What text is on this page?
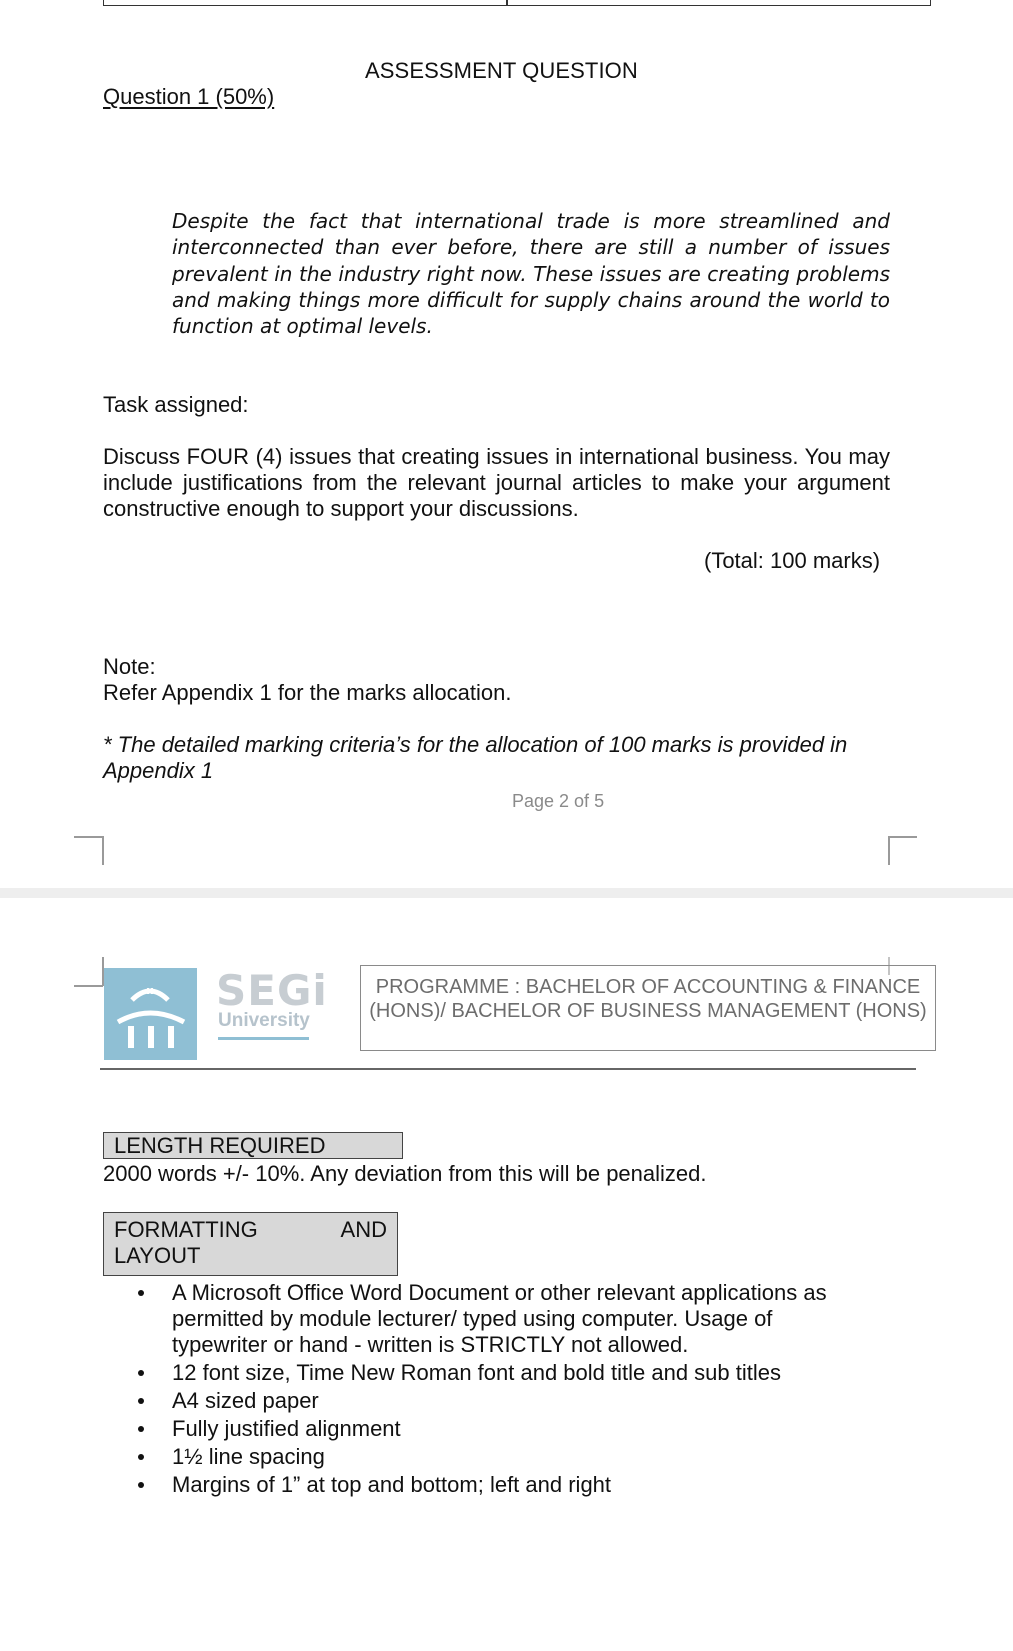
ASSESSMENT QUESTION
Question 1 (50%)
Despite the fact that international trade is more streamlined and interconnected than ever before, there are still a number of issues prevalent in the industry right now. These issues are creating problems and making things more difficult for supply chains around the world to function at optimal levels.
Task assigned:
Discuss FOUR (4) issues that creating issues in international business. You may include justifications from the relevant journal articles to make your argument constructive enough to support your discussions.
(Total: 100 marks)
Note:
Refer Appendix 1 for the marks allocation.
* The detailed marking criteria’s for the allocation of 100 marks is provided in Appendix 1
Page 2 of 5
SEGi
University
PROGRAMME : BACHELOR OF ACCOUNTING & FINANCE (HONS)/ BACHELOR OF BUSINESS MANAGEMENT (HONS)
LENGTH REQUIRED
2000 words +/- 10%. Any deviation from this will be penalized.
FORMATTING	AND
LAYOUT
A Microsoft Office Word Document or other relevant applications as permitted by module lecturer/ typed using computer. Usage of typewriter or hand - written is STRICTLY not allowed.
12 font size, Time New Roman font and bold title and sub titles
A4 sized paper
Fully justified alignment
1½ line spacing
Margins of 1” at top and bottom; left and right
